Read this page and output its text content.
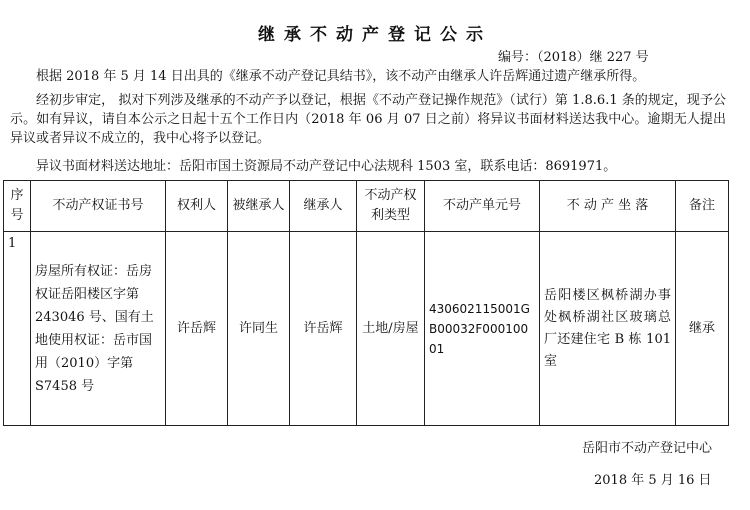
继承不动产登记公示
编号：（2018）继 227 号
根据 2018 年 5 月 14 日出具的《继承不动产登记具结书》，该不动产由继承人许岳辉通过遗产继承所得。
经初步审定， 拟对下列涉及继承的不动产予以登记，根据《不动产登记操作规范》（试行）第 1.8.6.1 条的规定，现予公示。如有异议，请自本公示之日起十五个工作日内（2018 年 06 月 07 日之前）将异议书面材料送达我中心。逾期无人提出异议或者异议不成立的，我中心将予以登记。
异议书面材料送达地址：岳阳市国土资源局不动产登记中心法规科 1503 室，联系电话：8691971。
序号	不动产权证书号	权利人	被继承人	继承人	不动产权利类型	不动产单元号	不 动 产 坐 落	备注
1	房屋所有权证：岳房权证岳阳楼区字第 243046 号、国有土地使用权证：岳市国用（2010）字第 S7458 号	许岳辉	许同生	许岳辉	土地/房屋	430602115001GB00032F00010001	岳阳楼区枫桥湖办事处枫桥湖社区玻璃总厂还建住宅 B 栋 101 室	继承
岳阳市不动产登记中心
2018 年 5 月 16 日
